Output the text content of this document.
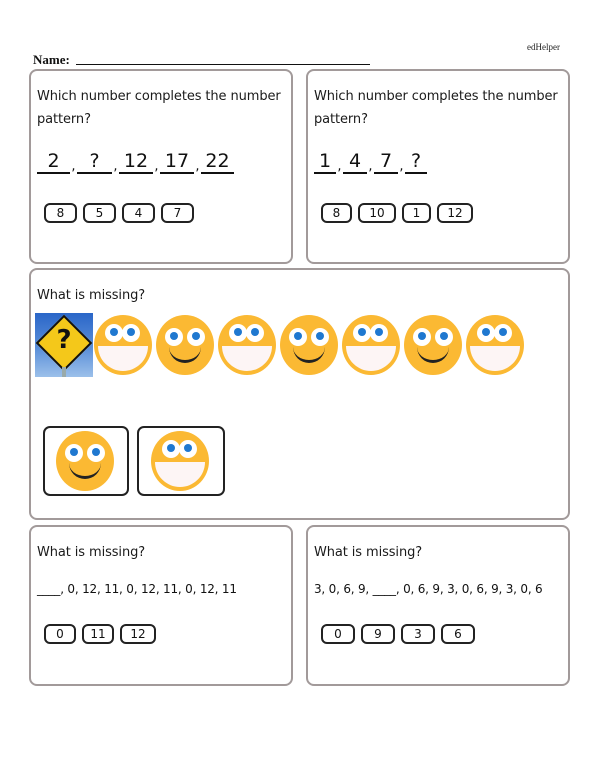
edHelper
Name:
Which number completes the number
pattern?
2 , ?	, 12 , 17 , 22
8	5	4	7
Which number completes the number
pattern?
1 , 4 , 7 , ?
8	10	1	12
What is missing?
?
What is missing?
____, 0, 12, 11, 0, 12, 11, 0, 12, 11
0	11	12
What is missing?
3, 0, 6, 9, ____, 0, 6, 9, 3, 0, 6, 9, 3, 0, 6
0	9	3	6
